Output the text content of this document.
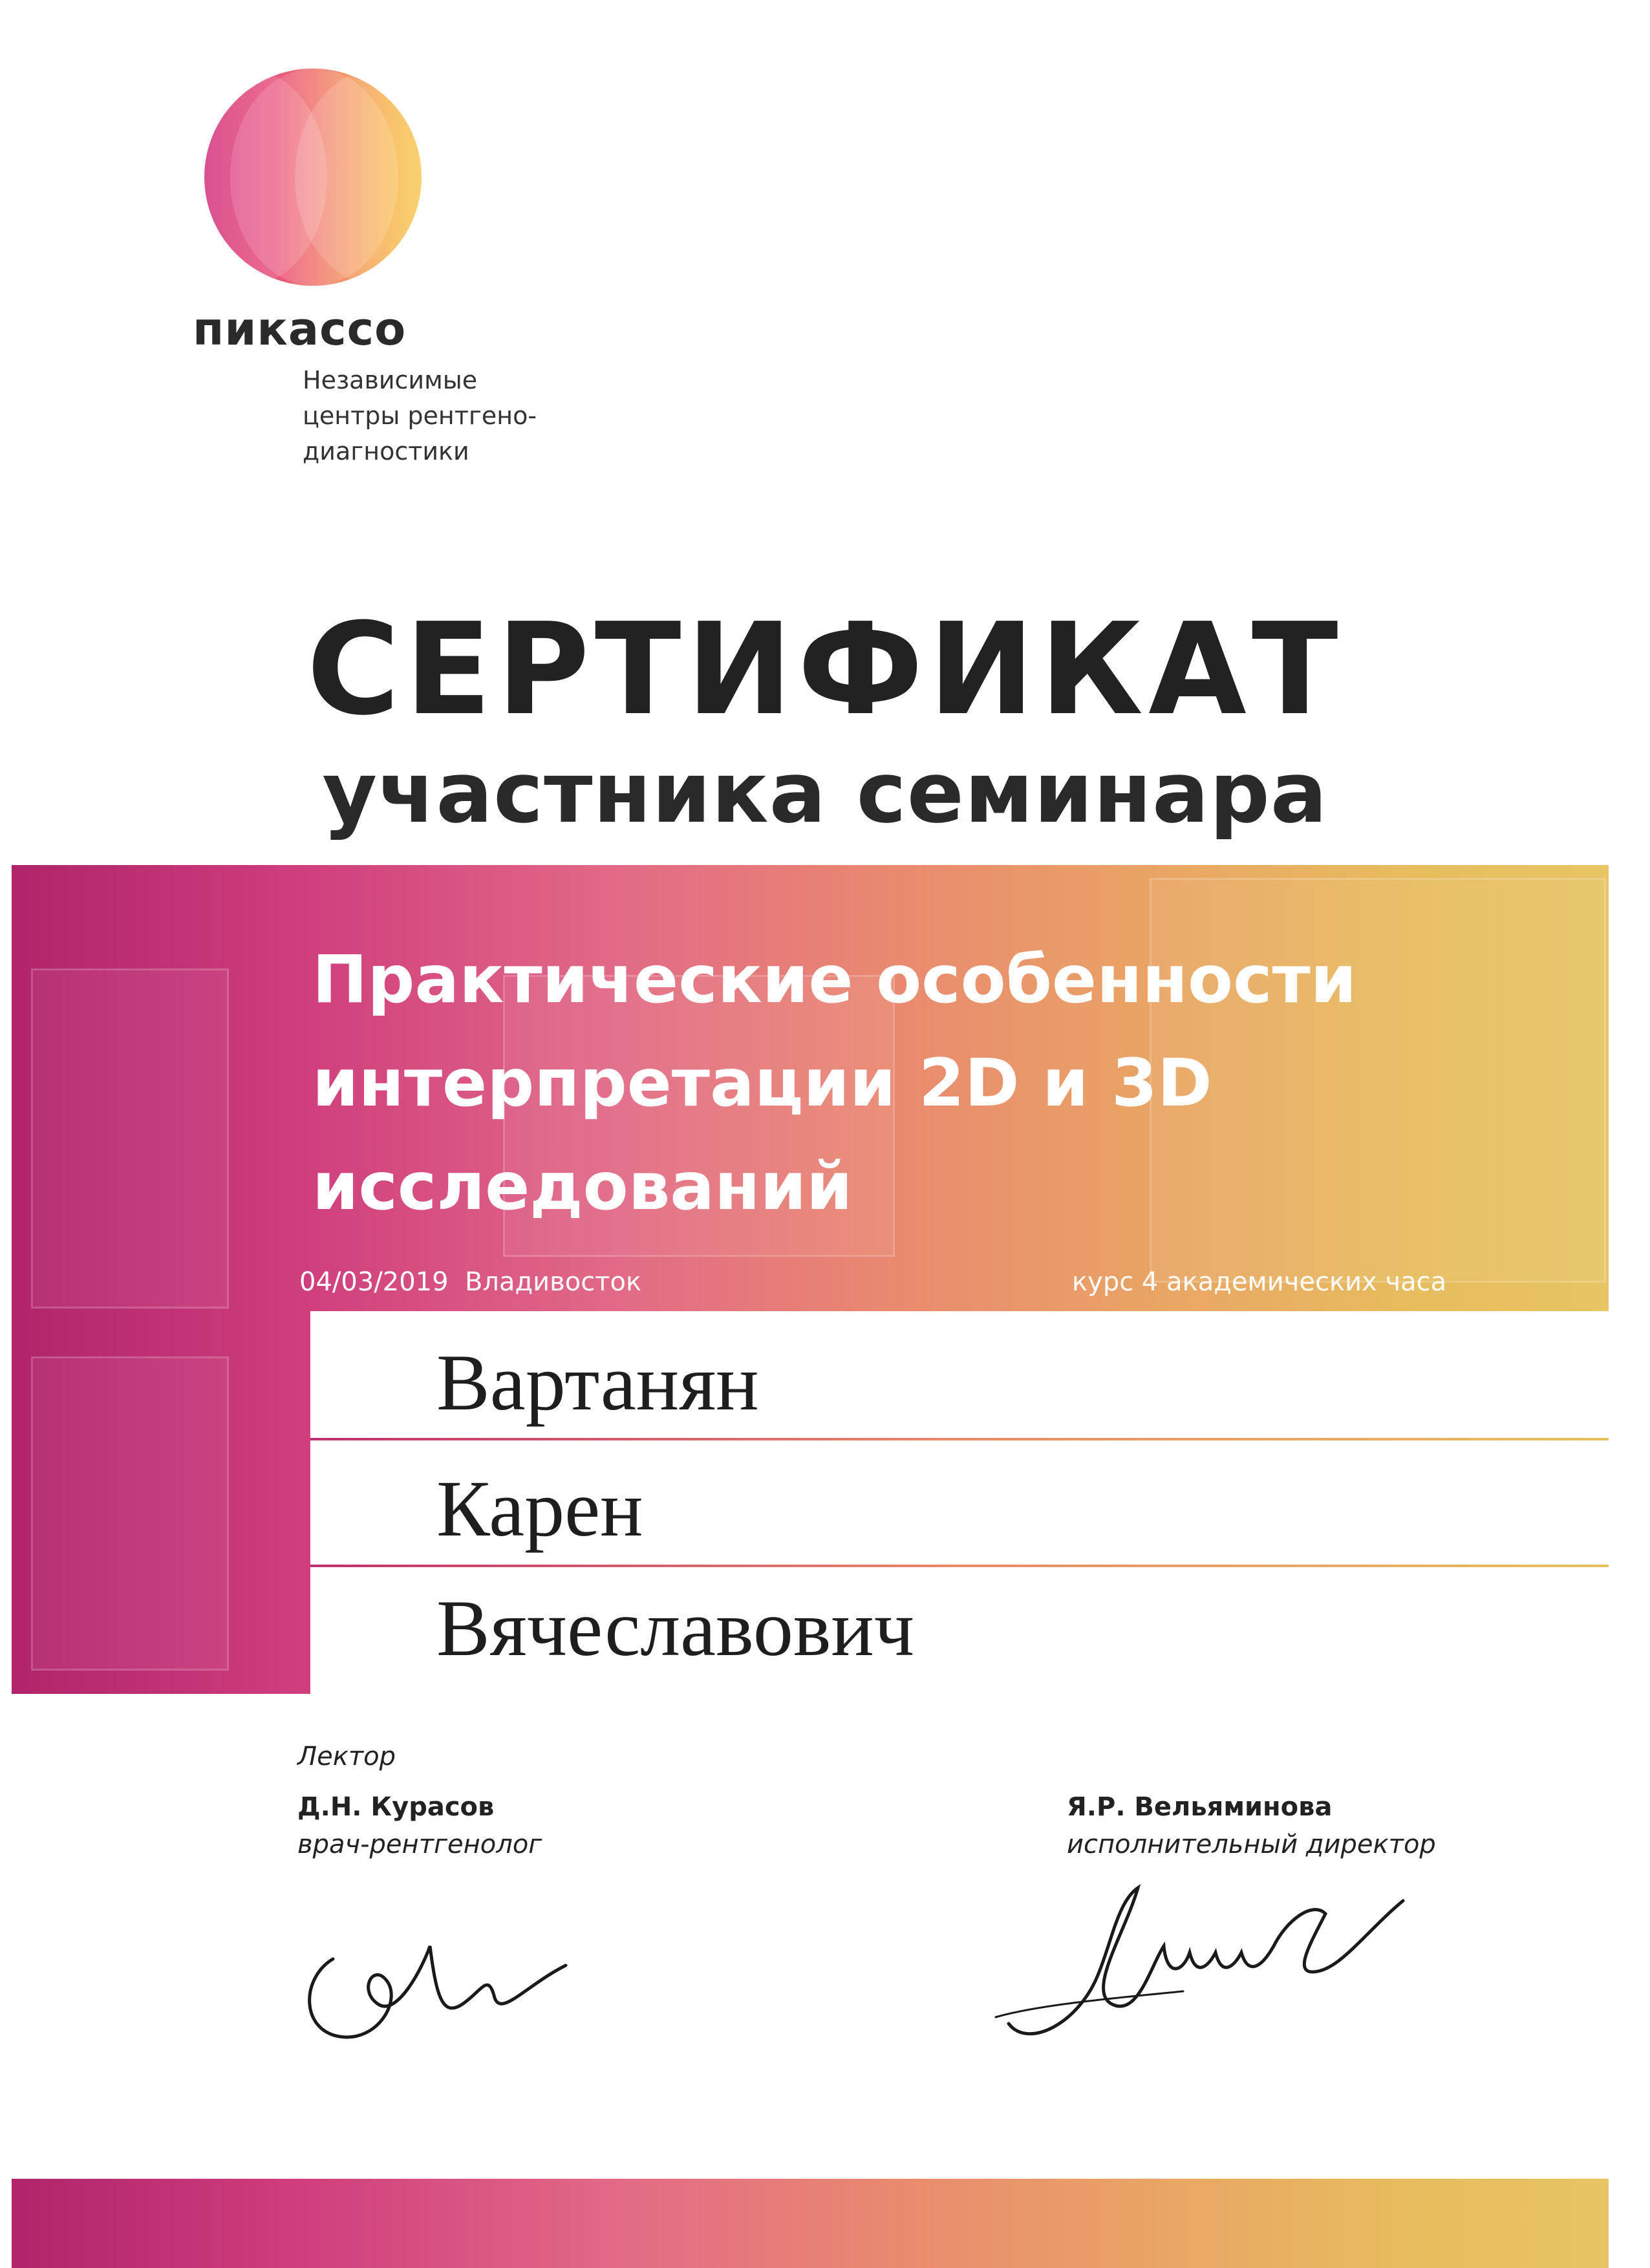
пикассо
Независимые
центры рентгено-
диагностики
СЕРТИФИКАТ
участника семинара
Практические особенности
интерпретации 2D и 3D
исследований
04/03/2019  Владивосток	курс 4 академических часа
Вартанян
Карен
Вячеславович
Лектор
Д.Н. Курасов
врач-рентгенолог
Я.Р. Вельяминова
исполнительный директор
